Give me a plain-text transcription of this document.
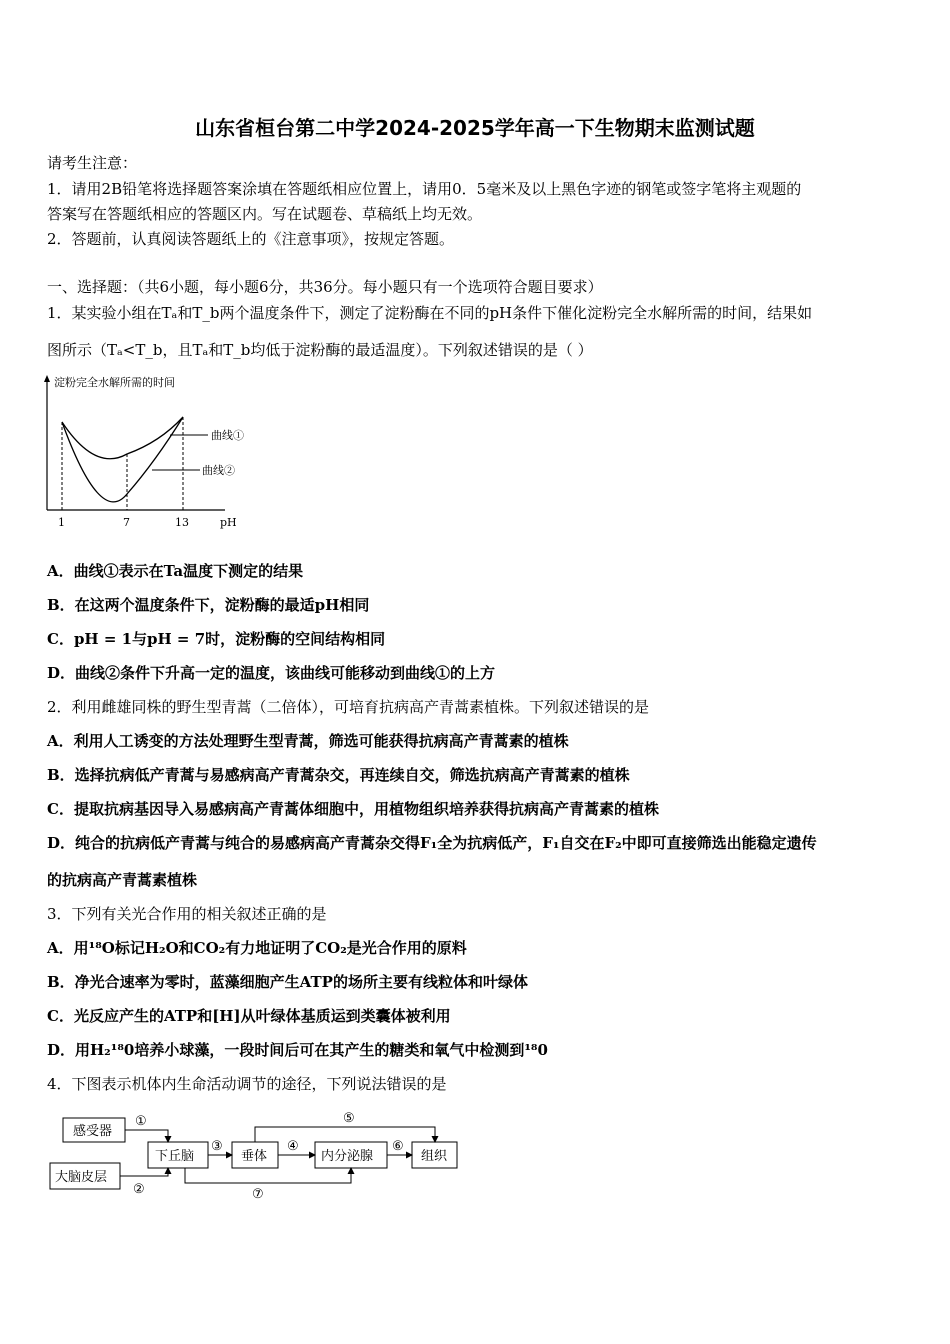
山东省桓台第二中学2024-2025学年高一下生物期末监测试题
请考生注意：
1．请用2B铅笔将选择题答案涂填在答题纸相应位置上，请用0．5毫米及以上黑色字迹的钢笔或签字笔将主观题的
答案写在答题纸相应的答题区内。写在试题卷、草稿纸上均无效。
2．答题前，认真阅读答题纸上的《注意事项》，按规定答题。
一、选择题：（共6小题，每小题6分，共36分。每小题只有一个选项符合题目要求）
1．某实验小组在Tₐ和T_b两个温度条件下，测定了淀粉酶在不同的pH条件下催化淀粉完全水解所需的时间，结果如
图所示（Tₐ<T_b，且Tₐ和T_b均低于淀粉酶的最适温度）。下列叙述错误的是（ ）
淀粉完全水解所需的时间
曲线①
曲线②
1	7	13	pH
A．曲线①表示在Ta温度下测定的结果
B．在这两个温度条件下，淀粉酶的最适pH相同
C．pH = 1与pH = 7时，淀粉酶的空间结构相同
D．曲线②条件下升高一定的温度，该曲线可能移动到曲线①的上方
2．利用雌雄同株的野生型青蒿（二倍体），可培育抗病高产青蒿素植株。下列叙述错误的是
A．利用人工诱变的方法处理野生型青蒿，筛选可能获得抗病高产青蒿素的植株
B．选择抗病低产青蒿与易感病高产青蒿杂交，再连续自交，筛选抗病高产青蒿素的植株
C．提取抗病基因导入易感病高产青蒿体细胞中，用植物组织培养获得抗病高产青蒿素的植株
D．纯合的抗病低产青蒿与纯合的易感病高产青蒿杂交得F₁全为抗病低产，F₁自交在F₂中即可直接筛选出能稳定遗传
的抗病高产青蒿素植株
3．下列有关光合作用的相关叙述正确的是
A．用¹⁸O标记H₂O和CO₂有力地证明了CO₂是光合作用的原料
B．净光合速率为零时，蓝藻细胞产生ATP的场所主要有线粒体和叶绿体
C．光反应产生的ATP和[H]从叶绿体基质运到类囊体被利用
D．用H₂¹⁸0培养小球藻，一段时间后可在其产生的糖类和氧气中检测到¹⁸0
4．下图表示机体内生命活动调节的途径，下列说法错误的是
感受器
大脑皮层
下丘脑	垂体	内分泌腺	组织
①
②
③	④
⑤
⑥
⑦
